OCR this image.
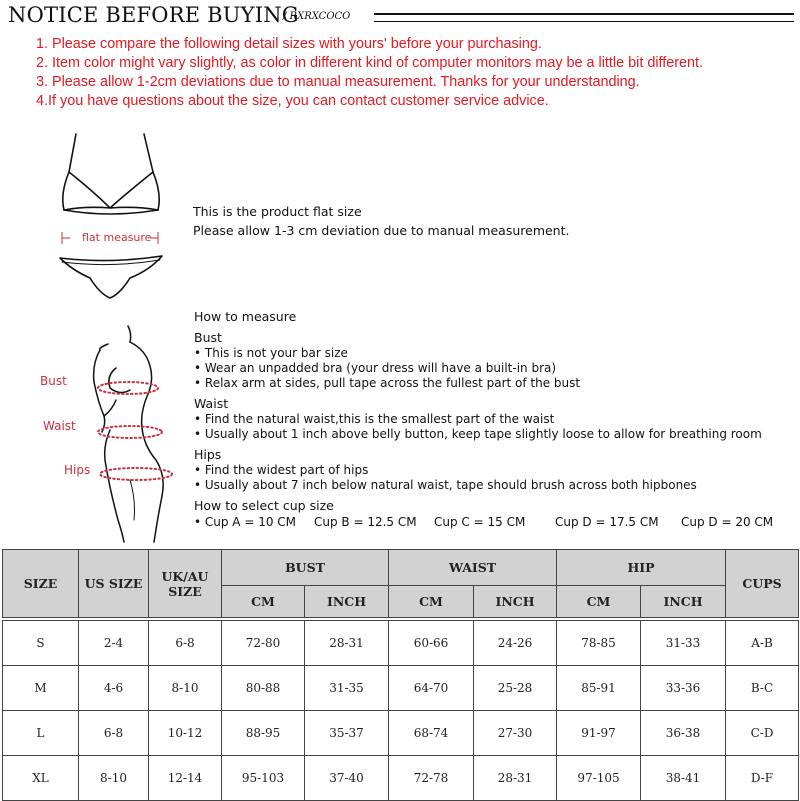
NOTICE BEFORE BUYING
/ RXRXCOCO
1. Please compare the following detail sizes with yours' before your purchasing.
2. Item color might vary slightly, as color in different kind of computer monitors may be a little bit different.
3. Please allow 1-2cm deviations due to manual measurement. Thanks for your understanding.
4.If you have questions about the size, you can contact customer service advice.
flat measure
This is the product flat size
Please allow 1-3 cm deviation due to manual measurement.
Bust
Waist
Hips
How to measure
Bust
• This is not your bar size
• Wear an unpadded bra (your dress will have a built-in bra)
• Relax arm at sides, pull tape across the fullest part of the bust
Waist
• Find the natural waist,this is the smallest part of the waist
• Usually about 1 inch above belly button, keep tape slightly loose to allow for breathing room
Hips
• Find the widest part of hips
• Usually about 7 inch below natural waist, tape should brush across both hipbones
How to select cup size
• Cup A = 10 CM	Cup B = 12.5 CM	Cup C = 15 CM	Cup D = 17.5 CM	Cup D = 20 CM
SIZE	US SIZE	UK/AU SIZE	BUST		WAIST		HIP		CUPS
			CM	INCH	CM	INCH	CM	INCH	

S	2-4	6-8	72-80	28-31	60-66	24-26	78-85	31-33	A-B
M	4-6	8-10	80-88	31-35	64-70	25-28	85-91	33-36	B-C
L	6-8	10-12	88-95	35-37	68-74	27-30	91-97	36-38	C-D
XL	8-10	12-14	95-103	37-40	72-78	28-31	97-105	38-41	D-F
